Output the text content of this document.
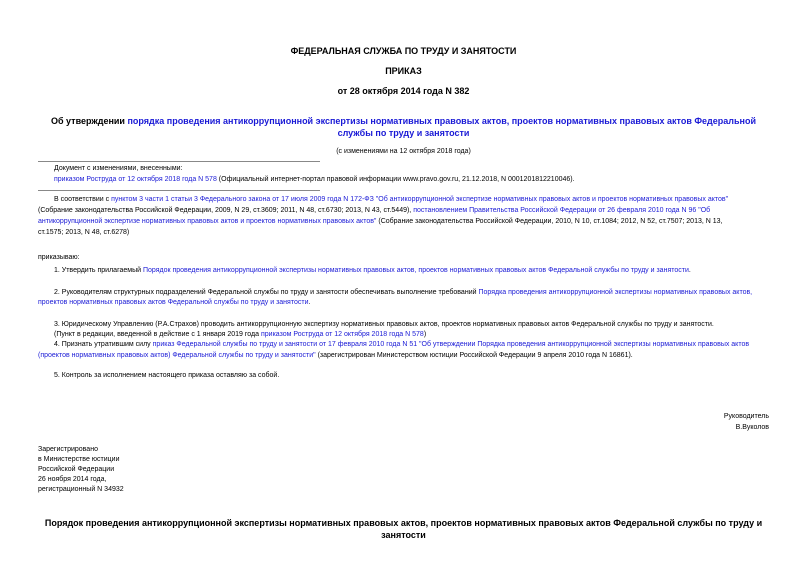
ФЕДЕРАЛЬНАЯ СЛУЖБА ПО ТРУДУ И ЗАНЯТОСТИ
ПРИКАЗ
от 28 октября 2014 года N 382
Об утверждении порядка проведения антикоррупционной экспертизы нормативных правовых актов, проектов нормативных правовых актов Федеральной
службы по труду и занятости
(с изменениями на 12 октября 2018 года)
Документ с изменениями, внесенными:
приказом Роструда от 12 октября 2018 года N 578 (Официальный интернет-портал правовой информации www.pravo.gov.ru, 21.12.2018, N 0001201812210046).
В соответствии с пунктом 3 части 1 статьи 3 Федерального закона от 17 июля 2009 года N 172-ФЗ "Об антикоррупционной экспертизе нормативных правовых актов и проектов нормативных правовых актов"
(Собрание законодательства Российской Федерации, 2009, N 29, ст.3609; 2011, N 48, ст.6730; 2013, N 43, ст.5449), постановлением Правительства Российской Федерации от 26 февраля 2010 года N 96 "Об
антикоррупционной экспертизе нормативных правовых актов и проектов нормативных правовых актов" (Собрание законодательства Российской Федерации, 2010, N 10, ст.1084; 2012, N 52, ст.7507; 2013, N 13,
ст.1575; 2013, N 48, ст.6278)
приказываю:
1. Утвердить прилагаемый Порядок проведения антикоррупционной экспертизы нормативных правовых актов, проектов нормативных правовых актов Федеральной службы по труду и занятости.
2. Руководителям структурных подразделений Федеральной службы по труду и занятости обеспечивать выполнение требований Порядка проведения антикоррупционной экспертизы нормативных правовых актов,
проектов нормативных правовых актов Федеральной службы по труду и занятости.
3. Юридическому Управлению (Р.А.Страхов) проводить антикоррупционную экспертизу нормативных правовых актов, проектов нормативных правовых актов Федеральной службы по труду и занятости.
(Пункт в редакции, введенной в действие с 1 января 2019 года приказом Роструда от 12 октября 2018 года N 578)
4. Признать утратившим силу приказ Федеральной службы по труду и занятости от 17 февраля 2010 года N 51 "Об утверждении Порядка проведения антикоррупционной экспертизы нормативных правовых актов
(проектов нормативных правовых актов) Федеральной службы по труду и занятости" (зарегистрирован Министерством юстиции Российской Федерации 9 апреля 2010 года N 16861).
5. Контроль за исполнением настоящего приказа оставляю за собой.
Руководитель
В.Вуколов
Зарегистрировано
в Министерстве юстиции
Российской Федерации
26 ноября 2014 года,
регистрационный N 34932
Порядок проведения антикоррупционной экспертизы нормативных правовых актов, проектов нормативных правовых актов Федеральной службы по труду и
занятости
